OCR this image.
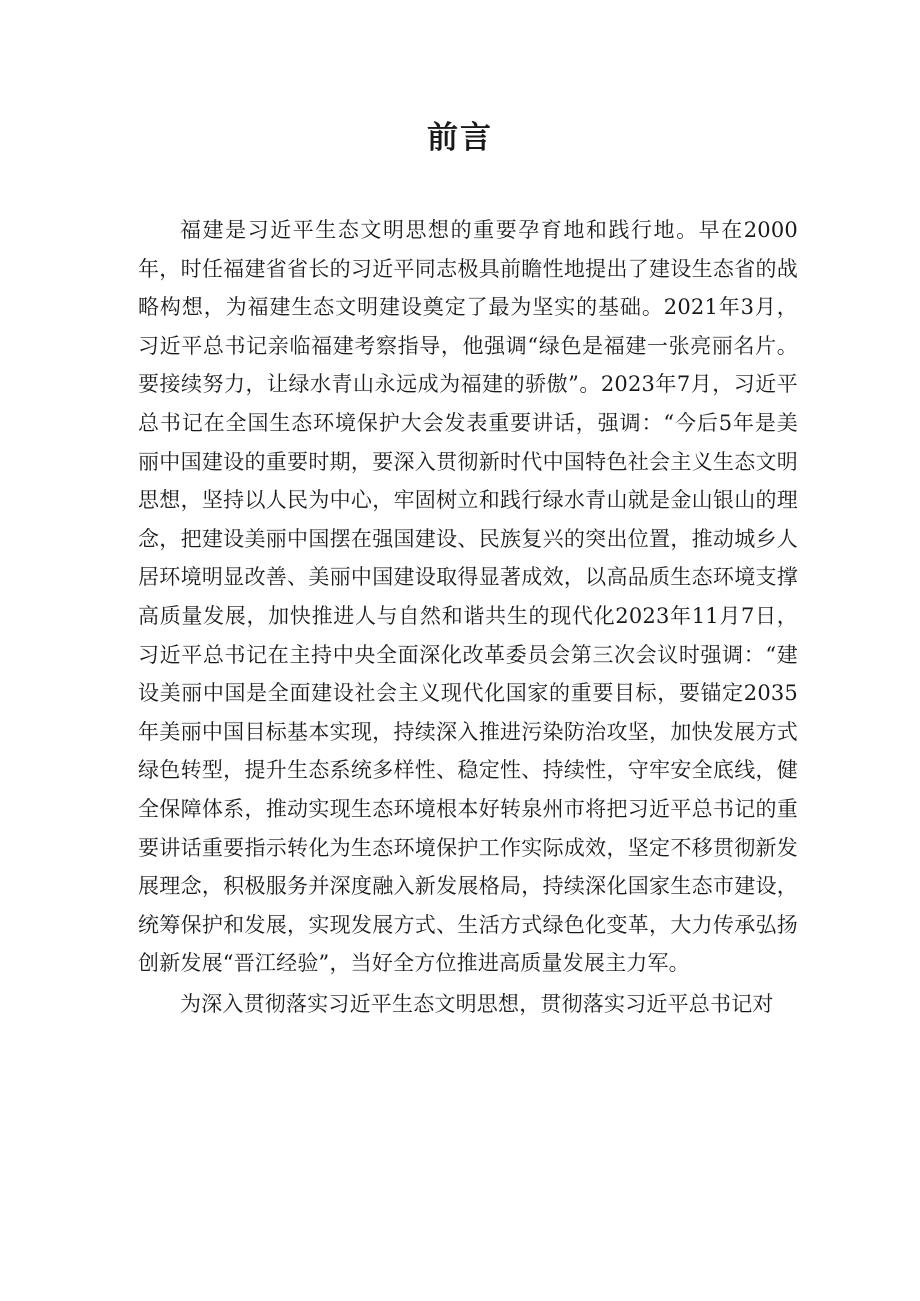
前言

福建是习近平生态文明思想的重要孕育地和践行地。早在2000年，时任福建省省长的习近平同志极具前瞻性地提出了建设生态省的战略构想，为福建生态文明建设奠定了最为坚实的基础。2021年3月，习近平总书记亲临福建考察指导，他强调“绿色是福建一张亮丽名片。要接续努力，让绿水青山永远成为福建的骄傲”。2023年7月，习近平总书记在全国生态环境保护大会发表重要讲话，强调：“今后5年是美丽中国建设的重要时期，要深入贯彻新时代中国特色社会主义生态文明思想，坚持以人民为中心，牢固树立和践行绿水青山就是金山银山的理念，把建设美丽中国摆在强国建设、民族复兴的突出位置，推动城乡人居环境明显改善、美丽中国建设取得显著成效，以高品质生态环境支撑高质量发展，加快推进人与自然和谐共生的现代化2023年11月7日，习近平总书记在主持中央全面深化改革委员会第三次会议时强调：“建设美丽中国是全面建设社会主义现代化国家的重要目标，要锚定2035年美丽中国目标基本实现，持续深入推进污染防治攻坚，加快发展方式绿色转型，提升生态系统多样性、稳定性、持续性，守牢安全底线，健全保障体系，推动实现生态环境根本好转泉州市将把习近平总书记的重要讲话重要指示转化为生态环境保护工作实际成效，坚定不移贯彻新发展理念，积极服务并深度融入新发展格局，持续深化国家生态市建设，统筹保护和发展，实现发展方式、生活方式绿色化变革，大力传承弘扬创新发展“晋江经验”，当好全方位推进高质量发展主力军。

为深入贯彻落实习近平生态文明思想，贯彻落实习近平总书记对
